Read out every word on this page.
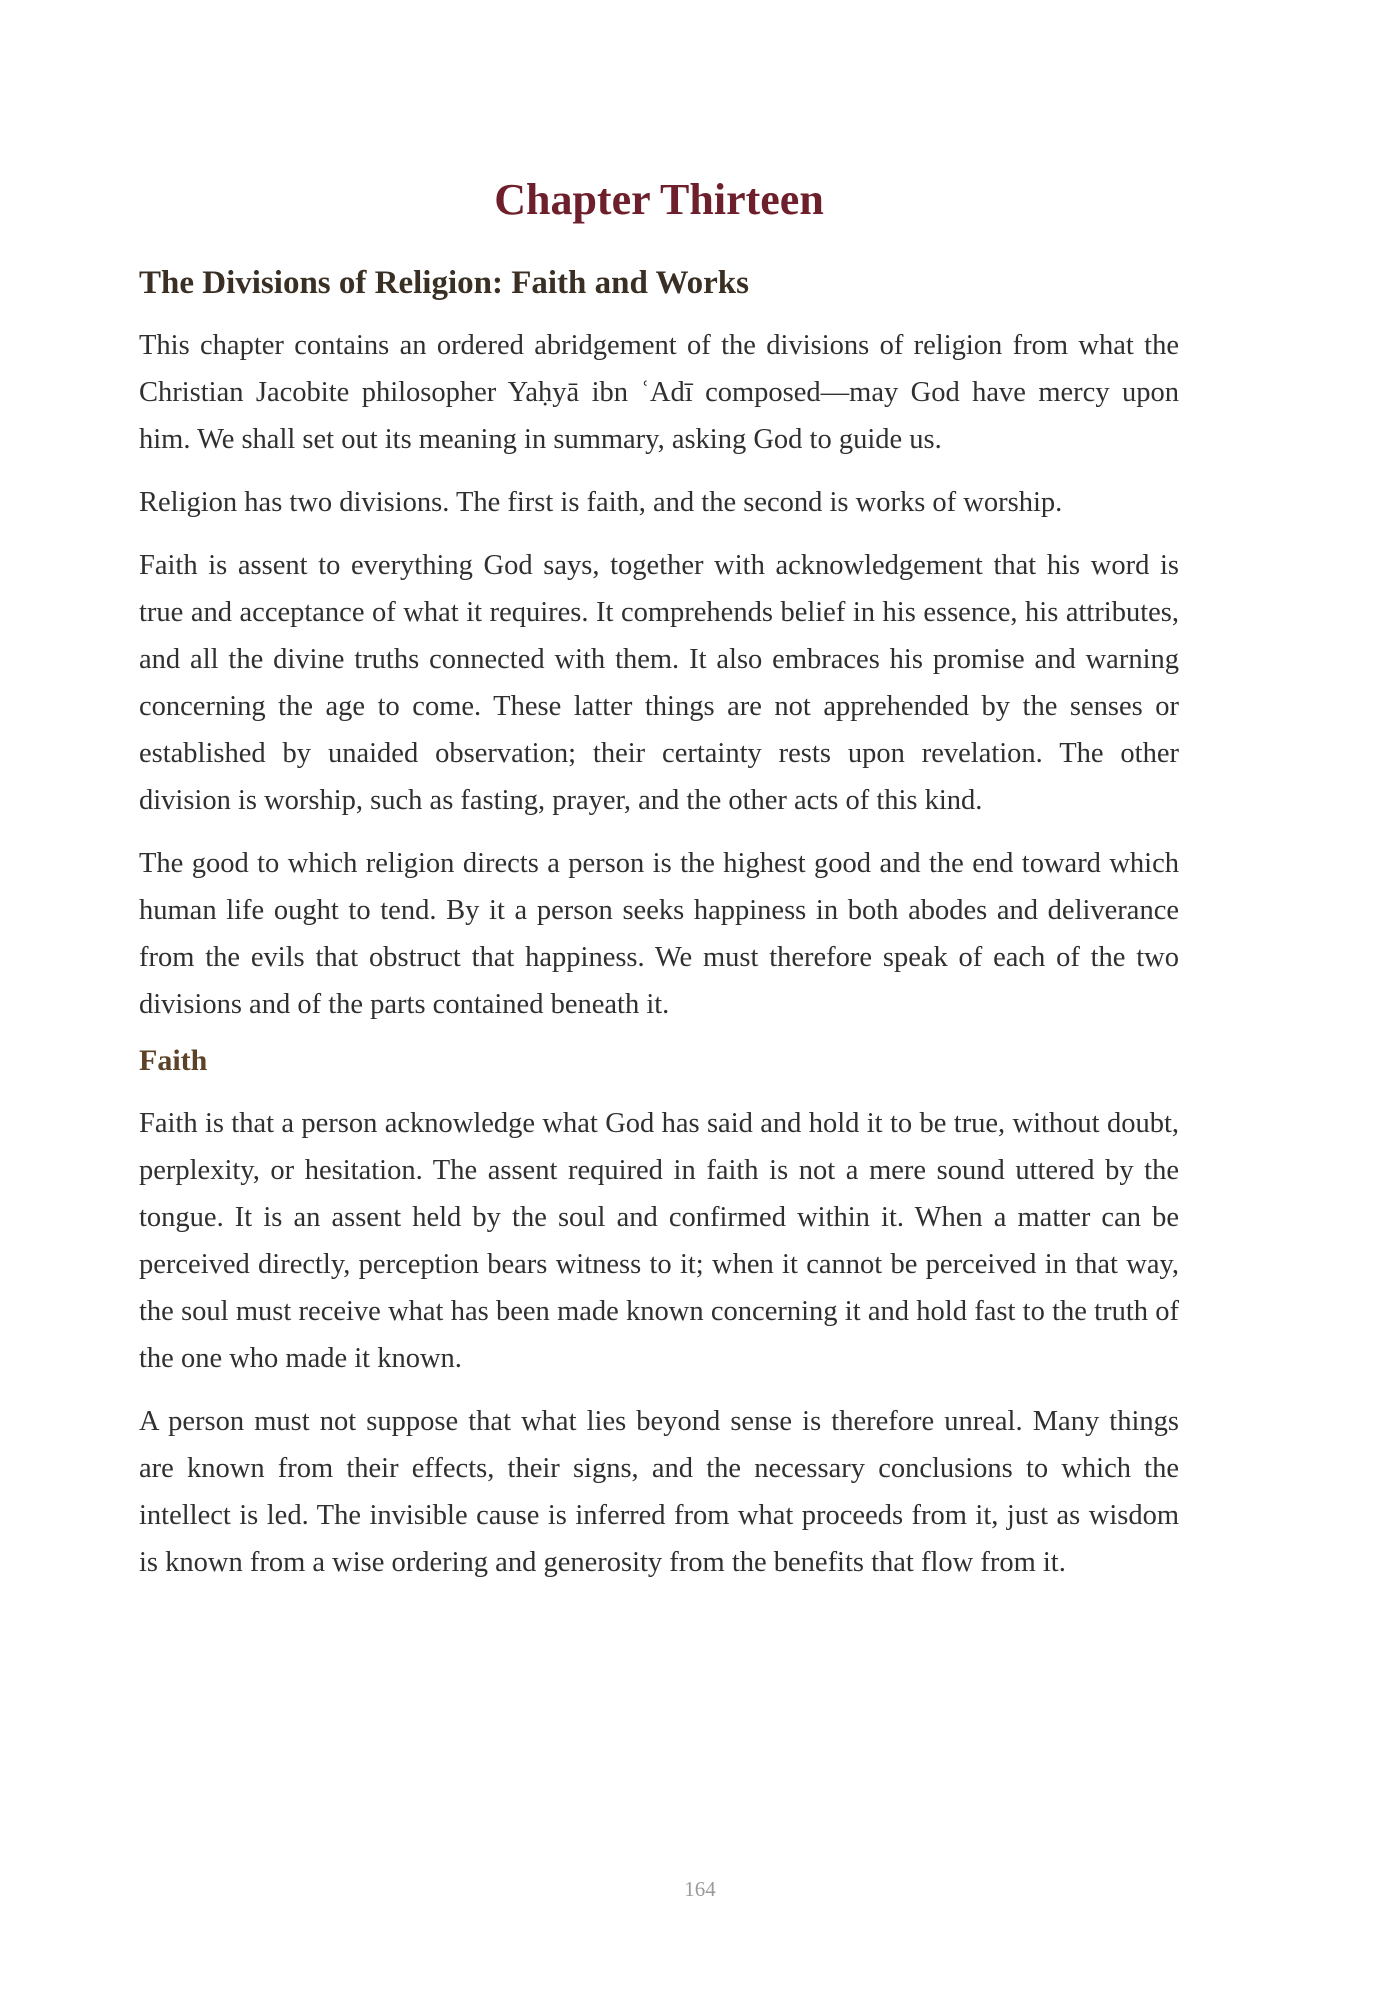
Chapter Thirteen
The Divisions of Religion: Faith and Works

This chapter contains an ordered abridgement of the divisions of religion from what the Christian Jacobite philosopher Yaḥyā ibn ʿAdī composed—may God have mercy upon him. We shall set out its meaning in summary, asking God to guide us.

Religion has two divisions. The first is faith, and the second is works of worship.

Faith is assent to everything God says, together with acknowledgement that his word is true and acceptance of what it requires. It comprehends belief in his essence, his attributes, and all the divine truths connected with them. It also embraces his promise and warning concerning the age to come. These latter things are not apprehended by the senses or established by unaided observation; their certainty rests upon revelation. The other division is worship, such as fasting, prayer, and the other acts of this kind.

The good to which religion directs a person is the highest good and the end toward which human life ought to tend. By it a person seeks happiness in both abodes and deliverance from the evils that obstruct that happiness. We must therefore speak of each of the two divisions and of the parts contained beneath it.

Faith

Faith is that a person acknowledge what God has said and hold it to be true, without doubt, perplexity, or hesitation. The assent required in faith is not a mere sound uttered by the tongue. It is an assent held by the soul and confirmed within it. When a matter can be perceived directly, perception bears witness to it; when it cannot be perceived in that way, the soul must receive what has been made known concerning it and hold fast to the truth of the one who made it known.

A person must not suppose that what lies beyond sense is therefore unreal. Many things are known from their effects, their signs, and the necessary conclusions to which the intellect is led. The invisible cause is inferred from what proceeds from it, just as wisdom is known from a wise ordering and generosity from the benefits that flow from it.

164
